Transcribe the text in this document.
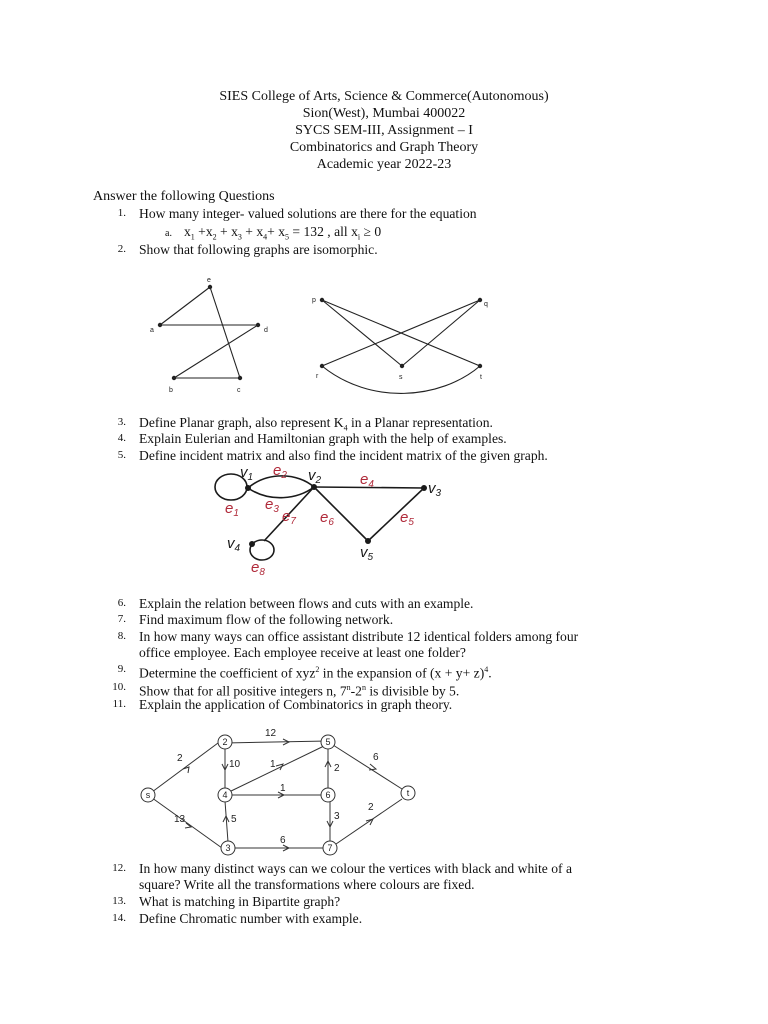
SIES College of Arts, Science & Commerce(Autonomous)
Sion(West), Mumbai 400022
SYCS SEM-III, Assignment – I
Combinatorics and Graph Theory
Academic year 2022-23
Answer the following Questions
1. How many integer- valued solutions are there for the equation
a. $x_1 +x_2 + x_3 + x_4+ x_5 = 132$ , all $x_i \ge 0$
2. Show that following graphs are isomorphic.
a
e
d
b	c
p
q
r	s	t
3. Define Planar graph, also represent $K_4$ in a Planar representation.
4. Explain Eulerian and Hamiltonian graph with the help of examples.
5. Define incident matrix and also find the incident matrix of the given graph.
$v_1$	$v_2$	$v_3$
$v_4$	$v_5$
$e_1$
$e_2$
$e_3$
$e_4$
$e_5$
$e_6$
$e_7$
$e_8$
6. Explain the relation between flows and cuts with an example.
7. Find maximum flow of the following network.
8. In how many ways can office assistant distribute 12 identical folders among four
office employee. Each employee receive at least one folder?
9. Determine the coefficient of xyz$^2$ in the expansion of $(x + y+ z)^4$.
10. Show that for all positive integers n, 7$^n$-2$^n$ is divisible by 5.
11. Explain the application of Combinatorics in graph theory.
s
2
3
4
5
6
7
t
2
13
12
10	1
1
5
6
2
3
6
2
12. In how many distinct ways can we colour the vertices with black and white of a
square? Write all the transformations where colours are fixed.
13. What is matching in Bipartite graph?
14. Define Chromatic number with example.
